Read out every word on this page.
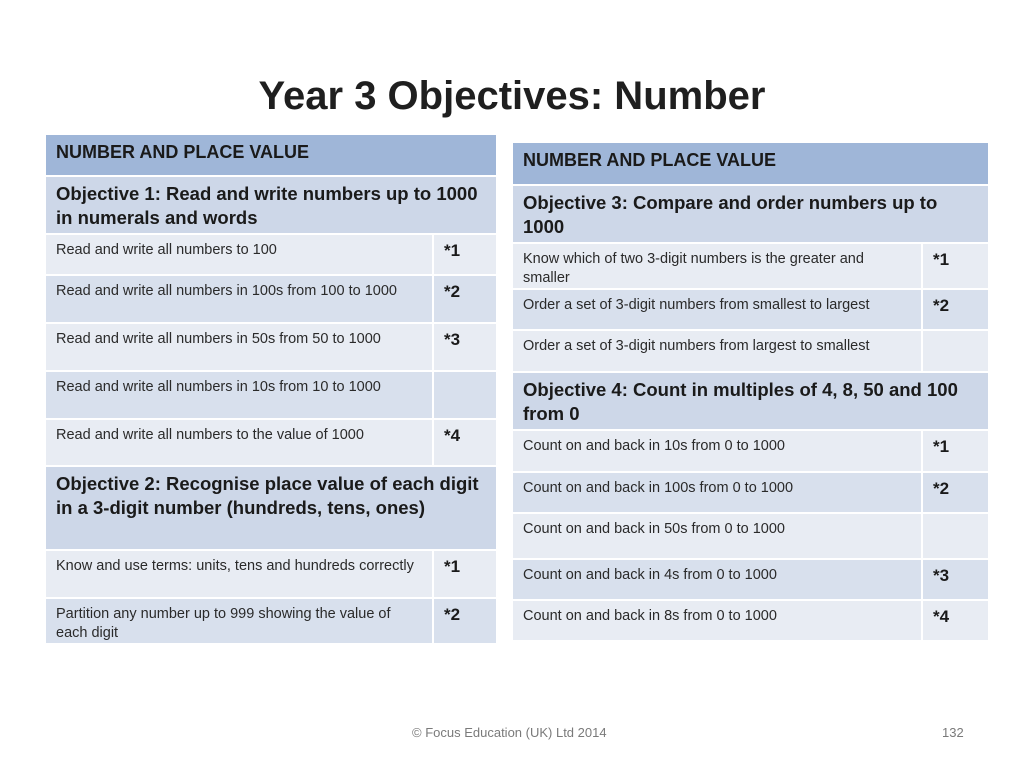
Year 3 Objectives: Number
NUMBER AND PLACE VALUE	
Objective 1: Read and write numbers up to 1000 in numerals and words	
Read and write all numbers to 100	*1
Read and write all numbers in 100s from 100 to 1000	*2
Read and write all numbers in 50s from 50 to 1000	*3
Read and write all numbers in 10s from 10 to 1000	
Read and write all numbers to the value of 1000	*4
Objective 2: Recognise place value of each digit in a 3-digit number (hundreds, tens, ones)	
Know and use terms: units, tens and hundreds correctly	*1
Partition any number up to 999 showing the value of each digit	*2
NUMBER AND PLACE VALUE	
Objective 3: Compare and order numbers up to 1000	
Know which of two 3-digit numbers is the greater and smaller	*1
Order a set of 3-digit numbers from smallest to largest	*2
Order a set of 3-digit numbers from largest to smallest	
Objective 4: Count in multiples of 4, 8, 50 and 100 from 0	
Count on and back in 10s from 0 to 1000	*1
Count on and back in 100s from 0 to 1000	*2
Count on and back in 50s from 0 to 1000	
Count on and back in 4s from 0 to 1000	*3
Count on and back in 8s from 0 to 1000	*4
© Focus Education (UK) Ltd 2014	132
